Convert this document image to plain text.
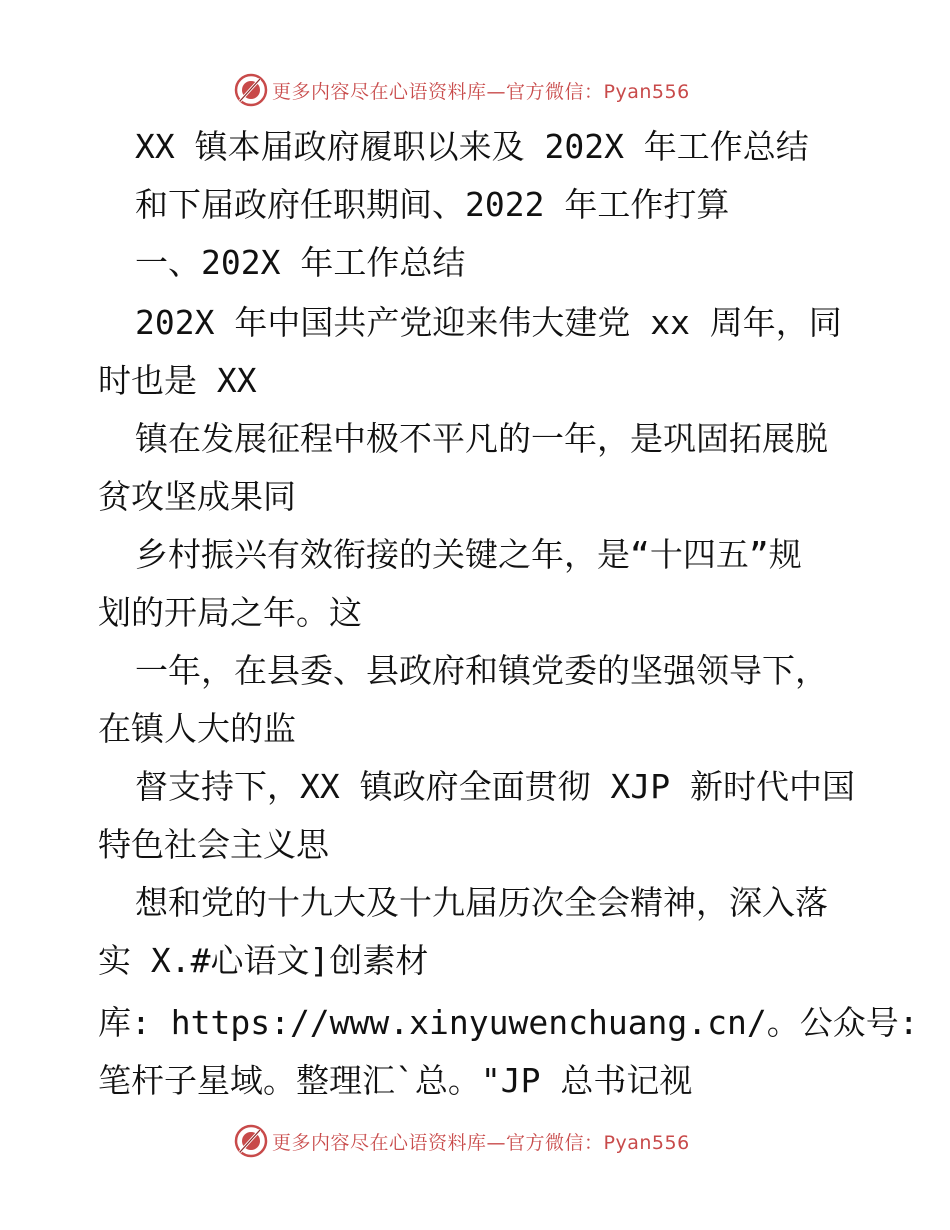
更多内容尽在心语资料库—官方微信：Pyan556
XX 镇本届政府履职以来及 202X 年工作总结
和下届政府任职期间、2022 年工作打算
一、202X 年工作总结
202X 年中国共产党迎来伟大建党 xx 周年，同
时也是 XX
镇在发展征程中极不平凡的一年，是巩固拓展脱
贫攻坚成果同
乡村振兴有效衔接的关键之年，是“十四五”规
划的开局之年。这
一年，在县委、县政府和镇党委的坚强领导下，
在镇人大的监
督支持下，XX 镇政府全面贯彻 XJP 新时代中国
特色社会主义思
想和党的十九大及十九届历次全会精神，深入落
实 X.#心语文]创素材
库: https://www.xinyuwenchuang.cn/。公众号:
笔杆子星域。整理汇`总。"JP 总书记视
更多内容尽在心语资料库—官方微信：Pyan556
